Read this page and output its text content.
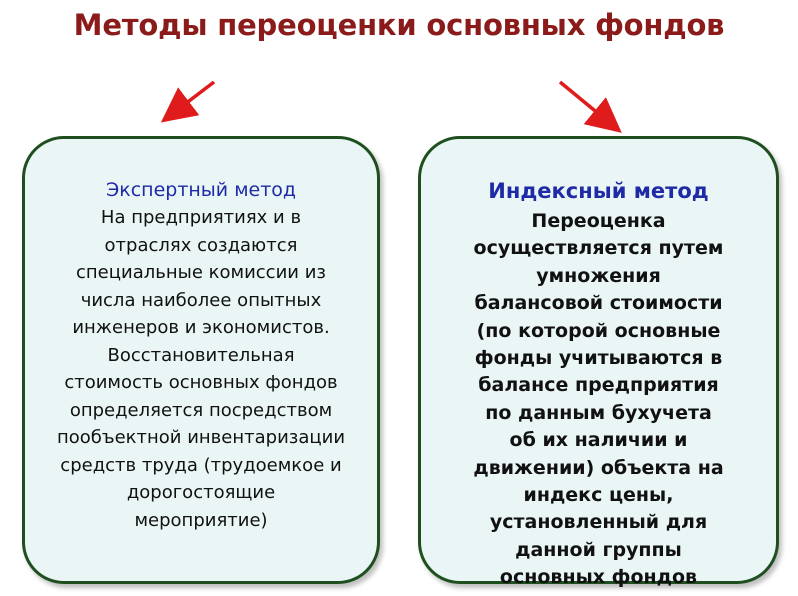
Методы переоценки основных фондов
Экспертный метод
На предприятиях и в
отраслях создаются
специальные комиссии из
числа наиболее опытных
инженеров и экономистов.
Восстановительная
стоимость основных фондов
определяется посредством
пообъектной инвентаризации
средств труда (трудоемкое и
дорогостоящие
мероприятие)
Индексный метод
Переоценка
осуществляется путем
умножения
балансовой стоимости
(по которой основные
фонды учитываются в
балансе предприятия
по данным бухучета
об их наличии и
движении) объекта на
индекс цены,
установленный для
данной группы
основных фондов
